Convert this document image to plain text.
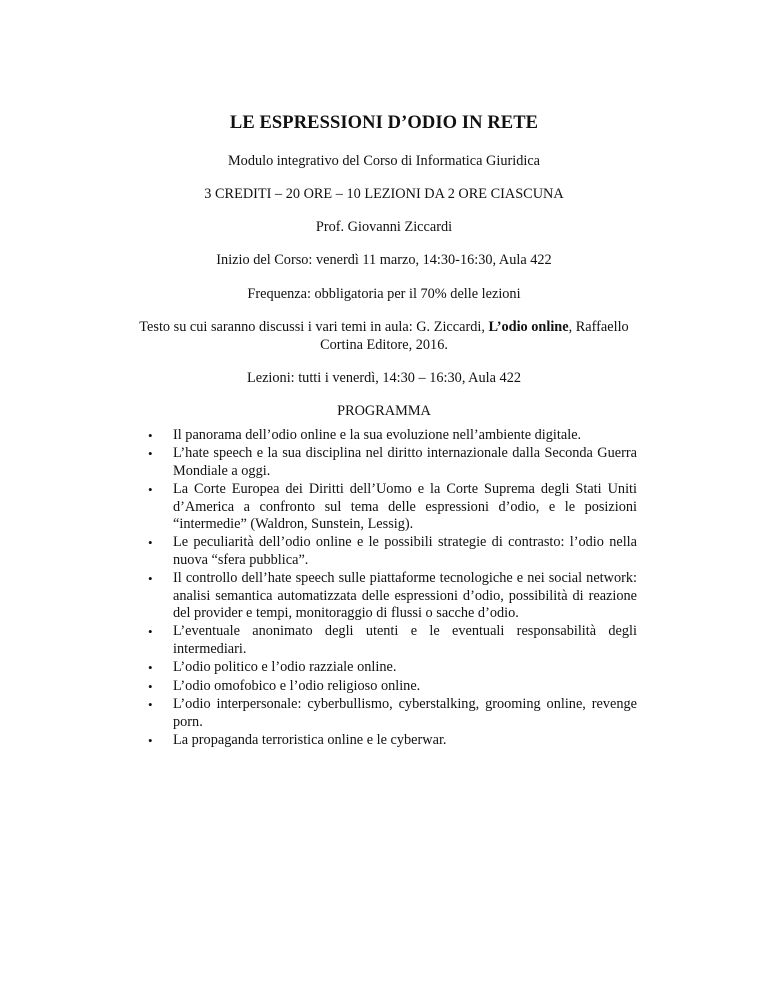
LE ESPRESSIONI D’ODIO IN RETE
Modulo integrativo del Corso di Informatica Giuridica
3 CREDITI – 20 ORE – 10 LEZIONI DA 2 ORE CIASCUNA
Prof. Giovanni Ziccardi
Inizio del Corso: venerdì 11 marzo, 14:30-16:30, Aula 422
Frequenza: obbligatoria per il 70% delle lezioni
Testo su cui saranno discussi i vari temi in aula: G. Ziccardi, L’odio online, Raffaello Cortina Editore, 2016.
Lezioni: tutti i venerdì, 14:30 – 16:30, Aula 422
PROGRAMMA
• Il panorama dell’odio online e la sua evoluzione nell’ambiente digitale.
• L’hate speech e la sua disciplina nel diritto internazionale dalla Seconda Guerra Mondiale a oggi.
• La Corte Europea dei Diritti dell’Uomo e la Corte Suprema degli Stati Uniti d’America a confronto sul tema delle espressioni d’odio, e le posizioni “intermedie” (Waldron, Sunstein, Lessig).
• Le peculiarità dell’odio online e le possibili strategie di contrasto: l’odio nella nuova “sfera pubblica”.
• Il controllo dell’hate speech sulle piattaforme tecnologiche e nei social network: analisi semantica automatizzata delle espressioni d’odio, possibilità di reazione del provider e tempi, monitoraggio di flussi o sacche d’odio.
• L’eventuale anonimato degli utenti e le eventuali responsabilità degli intermediari.
• L’odio politico e l’odio razziale online.
• L’odio omofobico e l’odio religioso online.
• L’odio interpersonale: cyberbullismo, cyberstalking, grooming online, revenge porn.
• La propaganda terroristica online e le cyberwar.
